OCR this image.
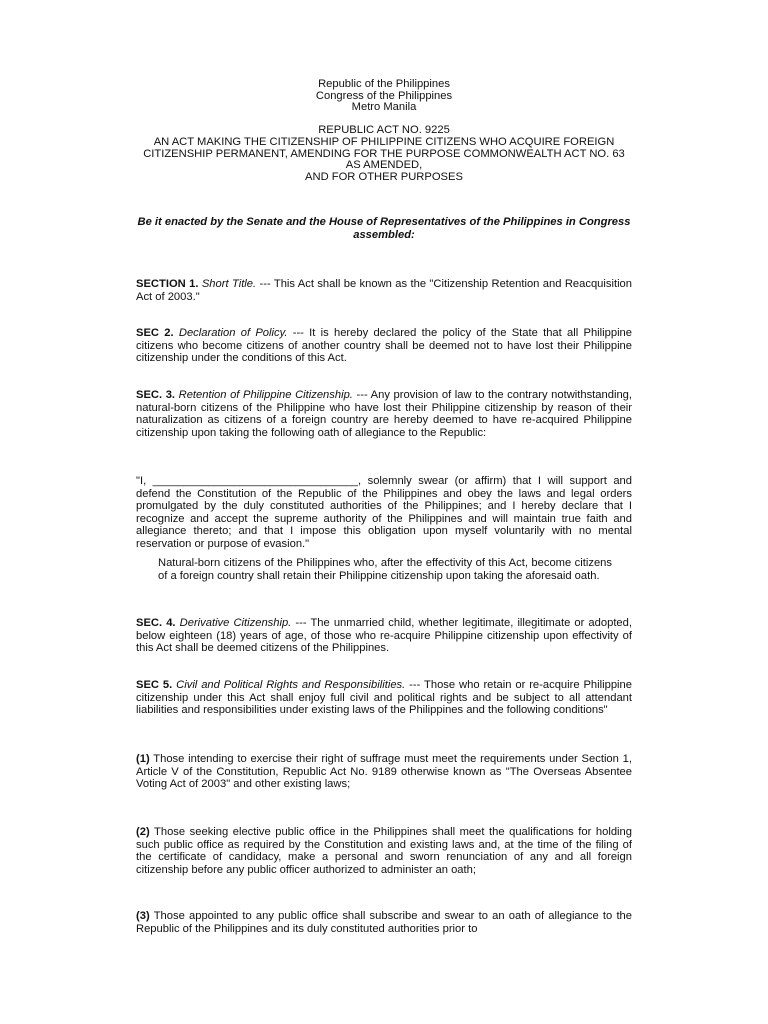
Republic of the Philippines
Congress of the Philippines
Metro Manila
REPUBLIC ACT NO. 9225
AN ACT MAKING THE CITIZENSHIP OF PHILIPPINE CITIZENS WHO ACQUIRE FOREIGN
CITIZENSHIP PERMANENT, AMENDING FOR THE PURPOSE COMMONWEALTH ACT NO. 63
AS AMENDED,
AND FOR OTHER PURPOSES
Be it enacted by the Senate and the House of Representatives of the Philippines in Congress assembled:

SECTION 1. Short Title. --- This Act shall be known as the "Citizenship Retention and Reacquisition Act of 2003."

SEC 2. Declaration of Policy. --- It is hereby declared the policy of the State that all Philippine citizens who become citizens of another country shall be deemed not to have lost their Philippine citizenship under the conditions of this Act.

SEC. 3. Retention of Philippine Citizenship. --- Any provision of law to the contrary notwithstanding, natural-born citizens of the Philippine who have lost their Philippine citizenship by reason of their naturalization as citizens of a foreign country are hereby deemed to have re-acquired Philippine citizenship upon taking the following oath of allegiance to the Republic:

"I, _________________________________, solemnly swear (or affirm) that I will support and defend the Constitution of the Republic of the Philippines and obey the laws and legal orders promulgated by the duly constituted authorities of the Philippines; and I hereby declare that I recognize and accept the supreme authority of the Philippines and will maintain true faith and allegiance thereto; and that I impose this obligation upon myself voluntarily with no mental reservation or purpose of evasion."

Natural-born citizens of the Philippines who, after the effectivity of this Act, become citizens of a foreign country shall retain their Philippine citizenship upon taking the aforesaid oath.

SEC. 4. Derivative Citizenship. --- The unmarried child, whether legitimate, illegitimate or adopted, below eighteen (18) years of age, of those who re-acquire Philippine citizenship upon effectivity of this Act shall be deemed citizens of the Philippines.

SEC 5. Civil and Political Rights and Responsibilities. --- Those who retain or re-acquire Philippine citizenship under this Act shall enjoy full civil and political rights and be subject to all attendant liabilities and responsibilities under existing laws of the Philippines and the following conditions"

(1) Those intending to exercise their right of suffrage must meet the requirements under Section 1, Article V of the Constitution, Republic Act No. 9189 otherwise known as "The Overseas Absentee Voting Act of 2003" and other existing laws;

(2) Those seeking elective public office in the Philippines shall meet the qualifications for holding such public office as required by the Constitution and existing laws and, at the time of the filing of the certificate of candidacy, make a personal and sworn renunciation of any and all foreign citizenship before any public officer authorized to administer an oath;

(3) Those appointed to any public office shall subscribe and swear to an oath of allegiance to the Republic of the Philippines and its duly constituted authorities prior to
